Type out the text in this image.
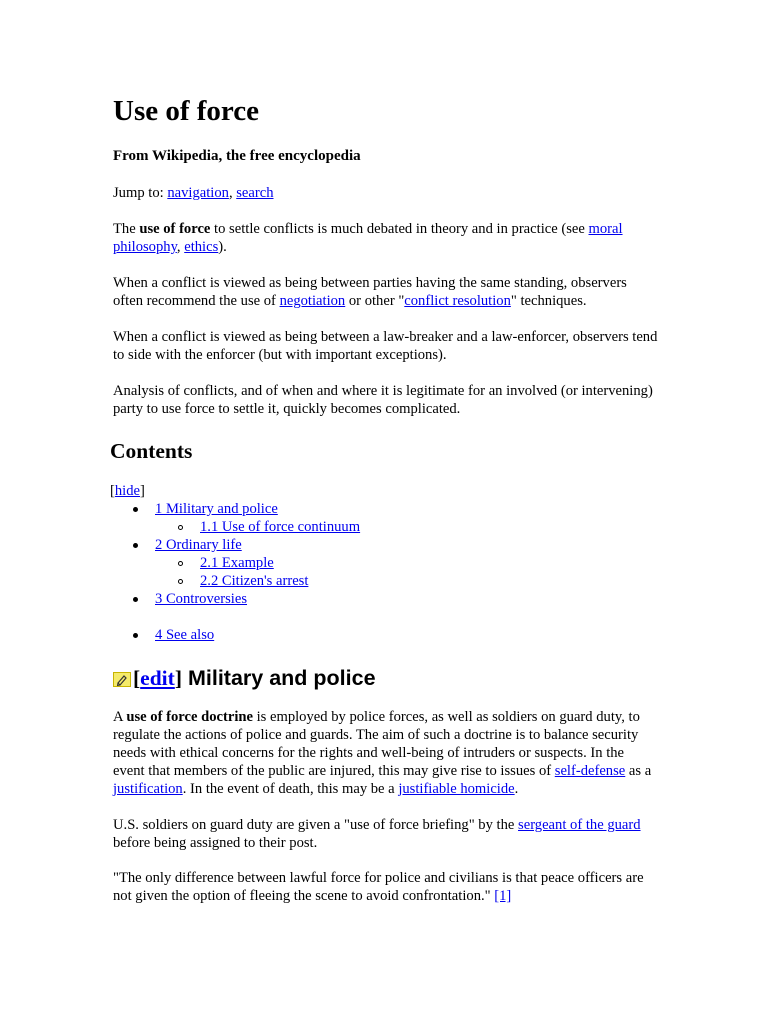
Use of force

From Wikipedia, the free encyclopedia

Jump to: navigation, search

The use of force to settle conflicts is much debated in theory and in practice (see moral philosophy, ethics).

When a conflict is viewed as being between parties having the same standing, observers often recommend the use of negotiation or other "conflict resolution" techniques.

When a conflict is viewed as being between a law-breaker and a law-enforcer, observers tend to side with the enforcer (but with important exceptions).

Analysis of conflicts, and of when and where it is legitimate for an involved (or intervening) party to use force to settle it, quickly becomes complicated.

Contents

[hide]

1 Military and police
1.1 Use of force continuum
2 Ordinary life
2.1 Example
2.2 Citizen's arrest
3 Controversies
4 See also

[edit] Military and police

A use of force doctrine is employed by police forces, as well as soldiers on guard duty, to regulate the actions of police and guards. The aim of such a doctrine is to balance security needs with ethical concerns for the rights and well-being of intruders or suspects. In the event that members of the public are injured, this may give rise to issues of self-defense as a justification. In the event of death, this may be a justifiable homicide.

U.S. soldiers on guard duty are given a "use of force briefing" by the sergeant of the guard before being assigned to their post.

"The only difference between lawful force for police and civilians is that peace officers are not given the option of fleeing the scene to avoid confrontation." [1]
